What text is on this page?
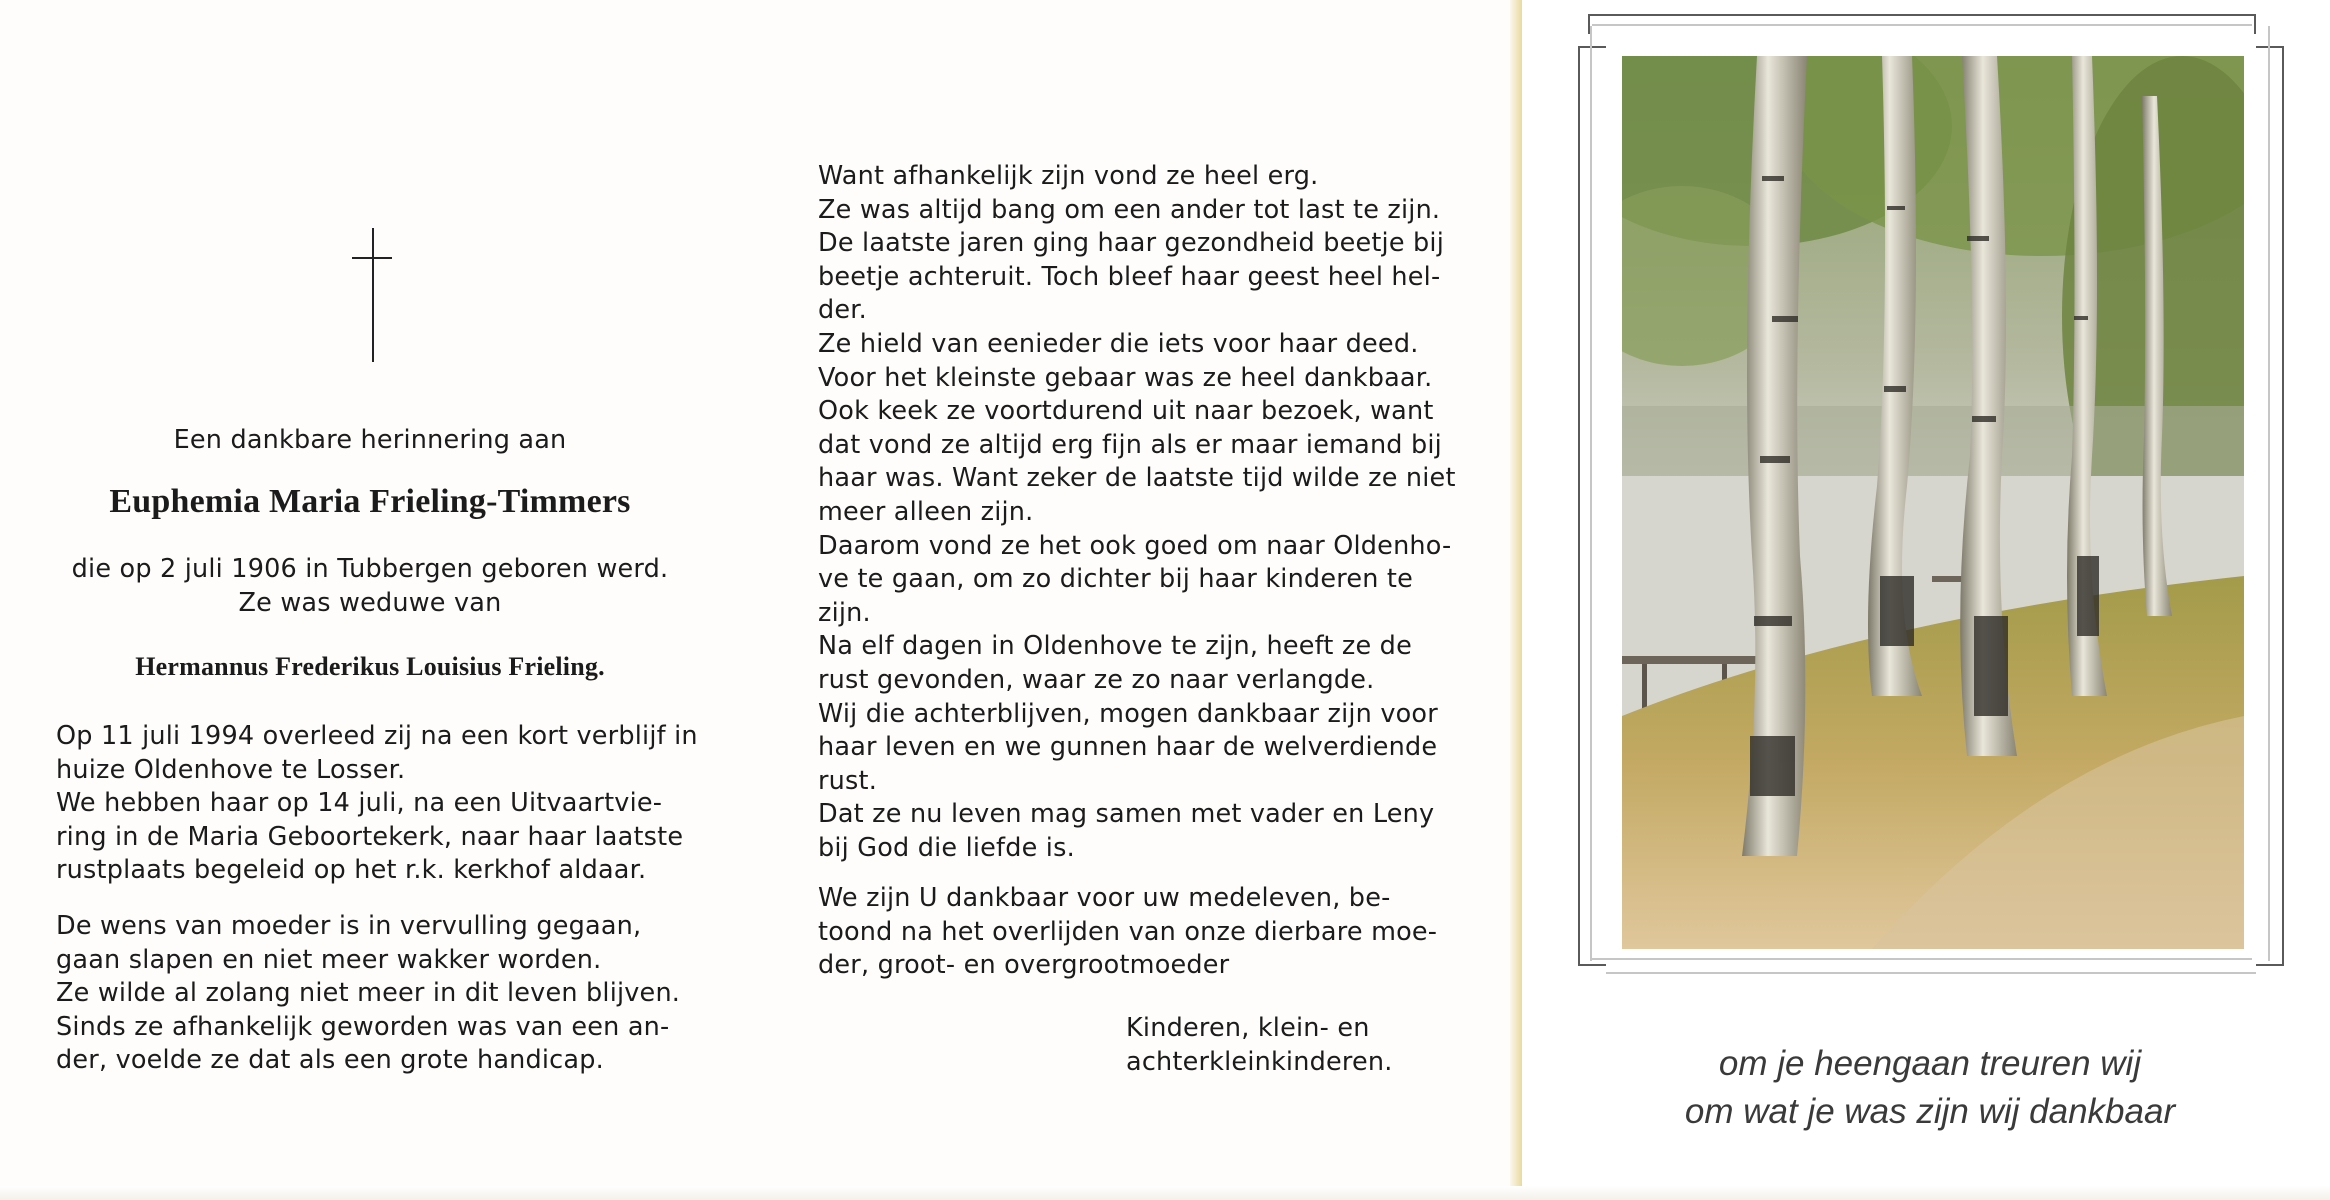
Een dankbare herinnering aan
Euphemia Maria Frieling-Timmers
die op 2 juli 1906 in Tubbergen geboren werd.
Ze was weduwe van
Hermannus Frederikus Louisius Frieling.
Op 11 juli 1994 overleed zij na een kort verblijf in
huize Oldenhove te Losser.
We hebben haar op 14 juli, na een Uitvaartvie-
ring in de Maria Geboortekerk, naar haar laatste
rustplaats begeleid op het r.k. kerkhof aldaar.
De wens van moeder is in vervulling gegaan,
gaan slapen en niet meer wakker worden.
Ze wilde al zolang niet meer in dit leven blijven.
Sinds ze afhankelijk geworden was van een an-
der, voelde ze dat als een grote handicap.
Want afhankelijk zijn vond ze heel erg.
Ze was altijd bang om een ander tot last te zijn.
De laatste jaren ging haar gezondheid beetje bij
beetje achteruit. Toch bleef haar geest heel hel-
der.
Ze hield van eenieder die iets voor haar deed.
Voor het kleinste gebaar was ze heel dankbaar.
Ook keek ze voortdurend uit naar bezoek, want
dat vond ze altijd erg fijn als er maar iemand bij
haar was. Want zeker de laatste tijd wilde ze niet
meer alleen zijn.
Daarom vond ze het ook goed om naar Oldenho-
ve te gaan, om zo dichter bij haar kinderen te
zijn.
Na elf dagen in Oldenhove te zijn, heeft ze de
rust gevonden, waar ze zo naar verlangde.
Wij die achterblijven, mogen dankbaar zijn voor
haar leven en we gunnen haar de welverdiende
rust.
Dat ze nu leven mag samen met vader en Leny
bij God die liefde is.
We zijn U dankbaar voor uw medeleven, be-
toond na het overlijden van onze dierbare moe-
der, groot- en overgrootmoeder
Kinderen, klein- en
achterkleinkinderen.	om je heengaan treuren wij
om wat je was zijn wij dankbaar
